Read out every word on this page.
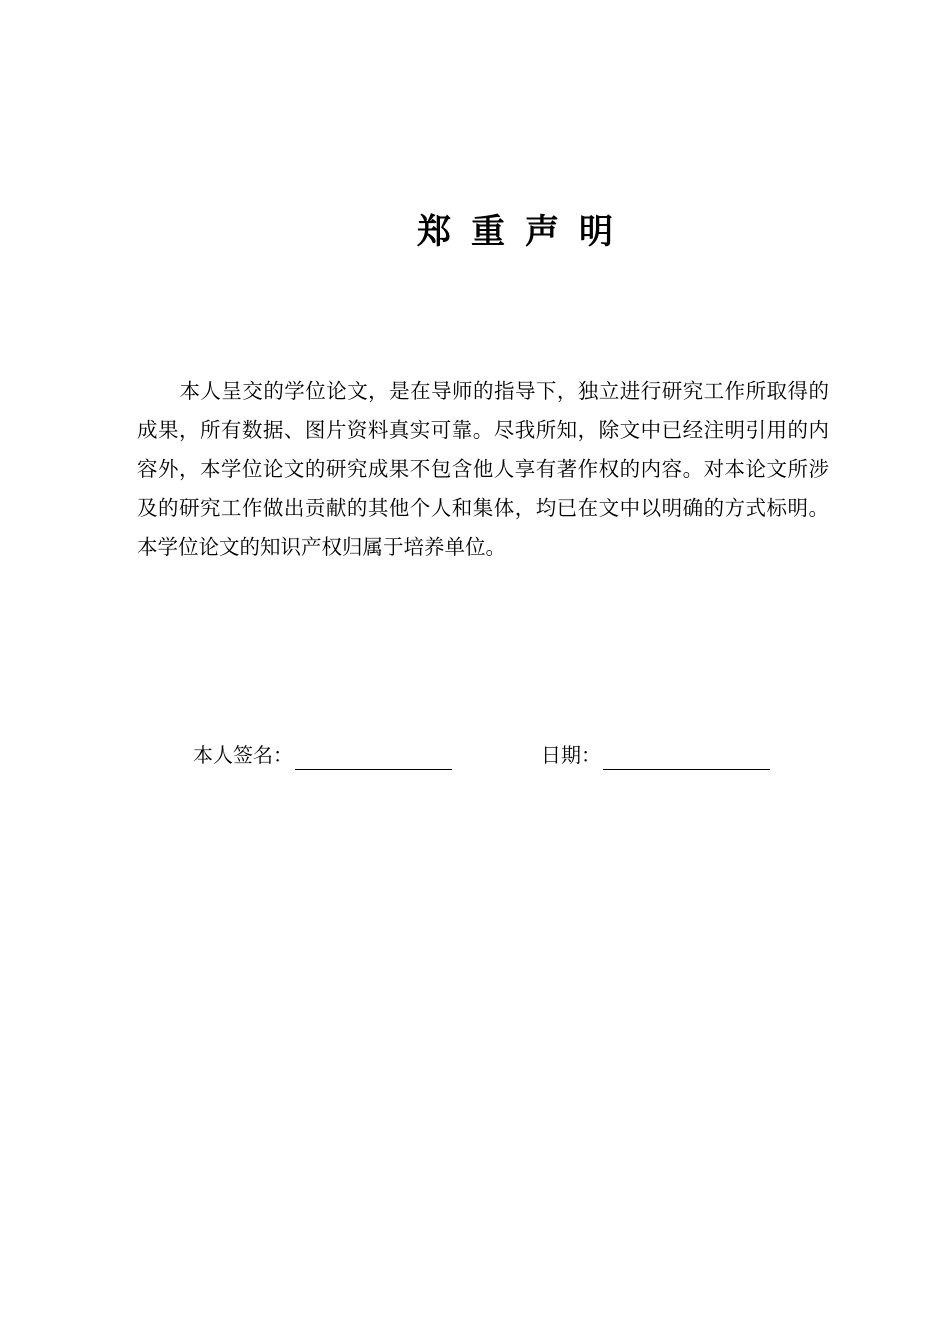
郑重声明

本人呈交的学位论文，是在导师的指导下，独立进行研究工作所取得的成果，所有数据、图片资料真实可靠。尽我所知，除文中已经注明引用的内容外，本学位论文的研究成果不包含他人享有著作权的内容。对本论文所涉及的研究工作做出贡献的其他个人和集体，均已在文中以明确的方式标明。本学位论文的知识产权归属于培养单位。

本人签名：	日期：
